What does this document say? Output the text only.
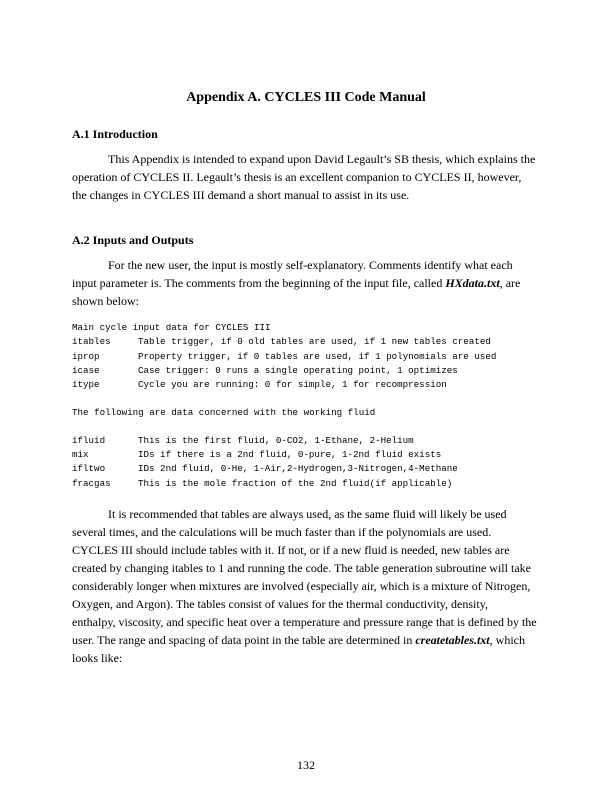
Appendix A. CYCLES III Code Manual
A.1 Introduction
This Appendix is intended to expand upon David Legault’s SB thesis, which explains the
operation of CYCLES II. Legault’s thesis is an excellent companion to CYCLES II, however,
the changes in CYCLES III demand a short manual to assist in its use.
A.2 Inputs and Outputs
For the new user, the input is mostly self-explanatory. Comments identify what each
input parameter is. The comments from the beginning of the input file, called HXdata.txt, are
shown below:
Main cycle input data for CYCLES III
itables	Table trigger, if 0 old tables are used, if 1 new tables created
iprop	Property trigger, if 0 tables are used, if 1 polynomials are used
icase	Case trigger: 0 runs a single operating point, 1 optimizes
itype	Cycle you are running: 0 for simple, 1 for recompression
The following are data concerned with the working fluid
ifluid	This is the first fluid, 0-CO2, 1-Ethane, 2-Helium
mix	IDs if there is a 2nd fluid, 0-pure, 1-2nd fluid exists
ifltwo	IDs 2nd fluid, 0-He, 1-Air,2-Hydrogen,3-Nitrogen,4-Methane
fracgas	This is the mole fraction of the 2nd fluid(if applicable)
It is recommended that tables are always used, as the same fluid will likely be used
several times, and the calculations will be much faster than if the polynomials are used.
CYCLES III should include tables with it. If not, or if a new fluid is needed, new tables are
created by changing itables to 1 and running the code. The table generation subroutine will take
considerably longer when mixtures are involved (especially air, which is a mixture of Nitrogen,
Oxygen, and Argon). The tables consist of values for the thermal conductivity, density,
enthalpy, viscosity, and specific heat over a temperature and pressure range that is defined by the
user. The range and spacing of data point in the table are determined in createtables.txt, which
looks like:
132
